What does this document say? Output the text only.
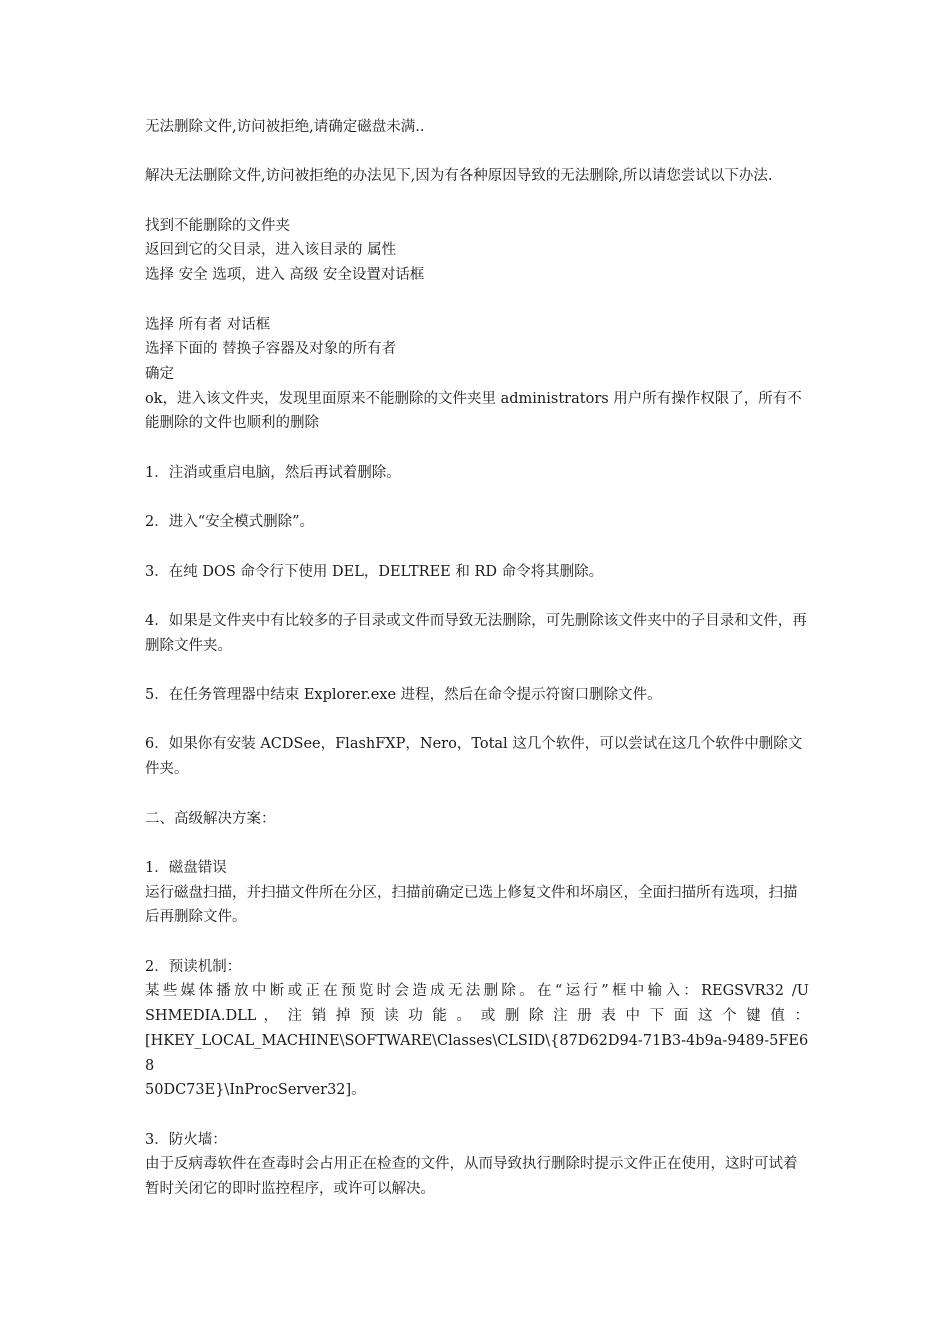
无法删除文件,访问被拒绝,请确定磁盘未满..

解决无法删除文件,访问被拒绝的办法见下,因为有各种原因导致的无法删除,所以请您尝试以下办法.

找到不能删除的文件夹
返回到它的父目录，进入该目录的 属性
选择 安全 选项，进入 高级 安全设置对话框

选择 所有者 对话框
选择下面的 替换子容器及对象的所有者
确定
ok，进入该文件夹，发现里面原来不能删除的文件夹里 administrators 用户所有操作权限了，所有不能删除的文件也顺利的删除

1．注消或重启电脑，然后再试着删除。

2．进入“安全模式删除”。

3．在纯 DOS 命令行下使用 DEL，DELTREE 和 RD 命令将其删除。

4．如果是文件夹中有比较多的子目录或文件而导致无法删除，可先删除该文件夹中的子目录和文件，再删除文件夹。

5．在任务管理器中结束 Explorer.exe 进程，然后在命令提示符窗口删除文件。

6．如果你有安装 ACDSee，FlashFXP，Nero，Total 这几个软件，可以尝试在这几个软件中删除文件夹。

二、高级解决方案：

1．磁盘错误
运行磁盘扫描，并扫描文件所在分区，扫描前确定已选上修复文件和坏扇区，全面扫描所有选项，扫描后再删除文件。

2．预读机制：
某些媒体播放中断或正在预览时会造成无法删除。在“运行”框中输入：REGSVR32 /U
SHMEDIA.DLL ， 注 销 掉 预 读 功 能 。 或 删 除 注 册 表 中 下 面 这 个 键 值 ：
[HKEY_LOCAL_MACHINE\SOFTWARE\Classes\CLSID\{87D62D94-71B3-4b9a-9489-5FE68
50DC73E}\InProcServer32]。

3．防火墙：
由于反病毒软件在查毒时会占用正在检查的文件，从而导致执行删除时提示文件正在使用，这时可试着暂时关闭它的即时监控程序，或许可以解决。
